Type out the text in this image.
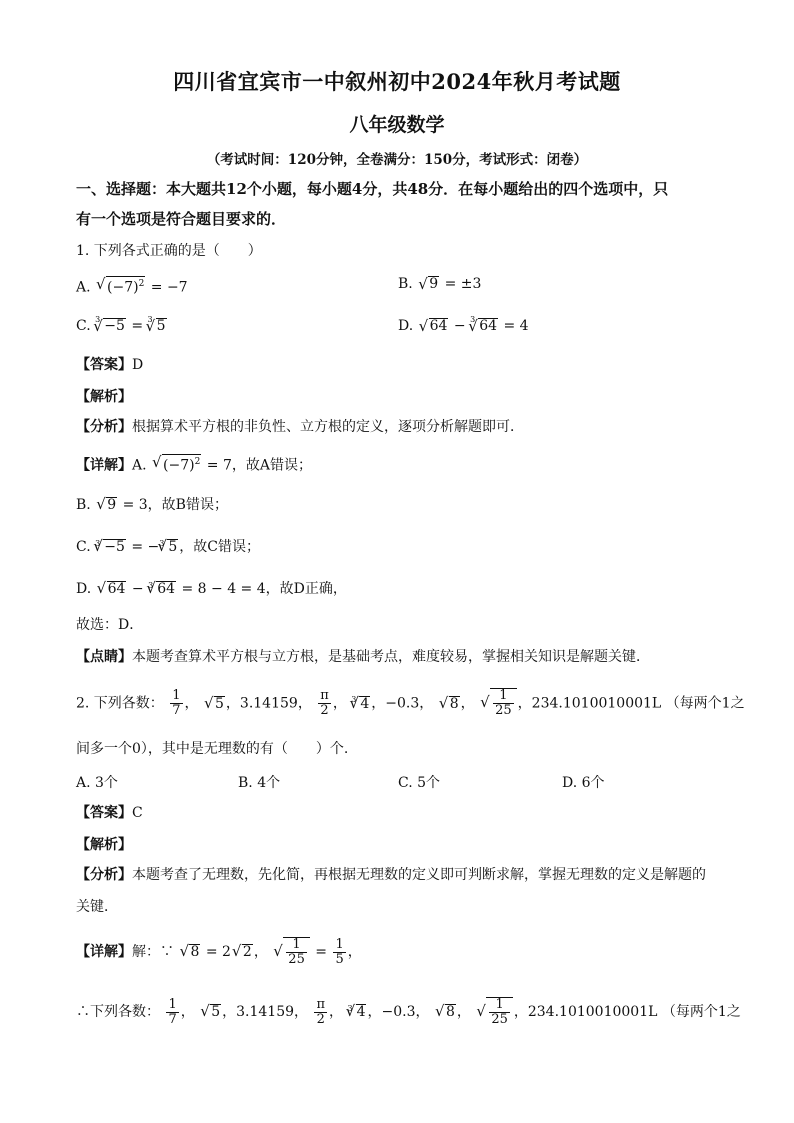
四川省宜宾市一中叙州初中2024年秋月考试题
八年级数学
（考试时间：120分钟，全卷满分：150分，考试形式：闭卷）
一、选择题：本大题共12个小题，每小题4分，共48分．在每小题给出的四个选项中，只
有一个选项是符合题目要求的．
1. 下列各式正确的是（　　）
A. √ $(-7)^2 = -7$	B. √ 9 = ±3
C. $^3$ √ −5 = $^3$ √ 5	D. √ 64 − $^3$ √ 64 = 4
【答案】D
【解析】
【分析】根据算术平方根的非负性、立方根的定义，逐项分析解题即可．
【详解】A. √ $(-7)^2 = 7$，故A错误；
B. √ 9 = 3，故B错误；
C. $^3$ √ −5 = −$^3$ √ 5 ，故C错误；
D. √ 64 − $^3$ √ 64 = 8 − 4 = 4，故D正确，
故选：D．
【点睛】本题考查算术平方根与立方根，是基础考点，难度较易，掌握相关知识是解题关键．
2. 下列各数： $\frac{1}{7}$ ， √ 5 ，3.14159， $\frac{\pi}{2}$ ， $^3$ √ 4 ，−0.3， √ 8 ， √ $\frac{1}{25}$ ，234.1010010001L （每两个1之
间多一个0），其中是无理数的有（　　）个.
A. 3个	B. 4个	C. 5个	D. 6个
【答案】C
【解析】
【分析】本题考查了无理数，先化简，再根据无理数的定义即可判断求解，掌握无理数的定义是解题的
关键．
【详解】解：∵ √ 8 = 2 √ 2 ， √ $\frac{1}{25} = \frac{1}{5}$ ，
∴下列各数： $\frac{1}{7}$ ， √ 5 ，3.14159， $\frac{\pi}{2}$ ， $^3$ √ 4 ，−0.3， √ 8 ， √ $\frac{1}{25}$ ，234.1010010001L （每两个1之
